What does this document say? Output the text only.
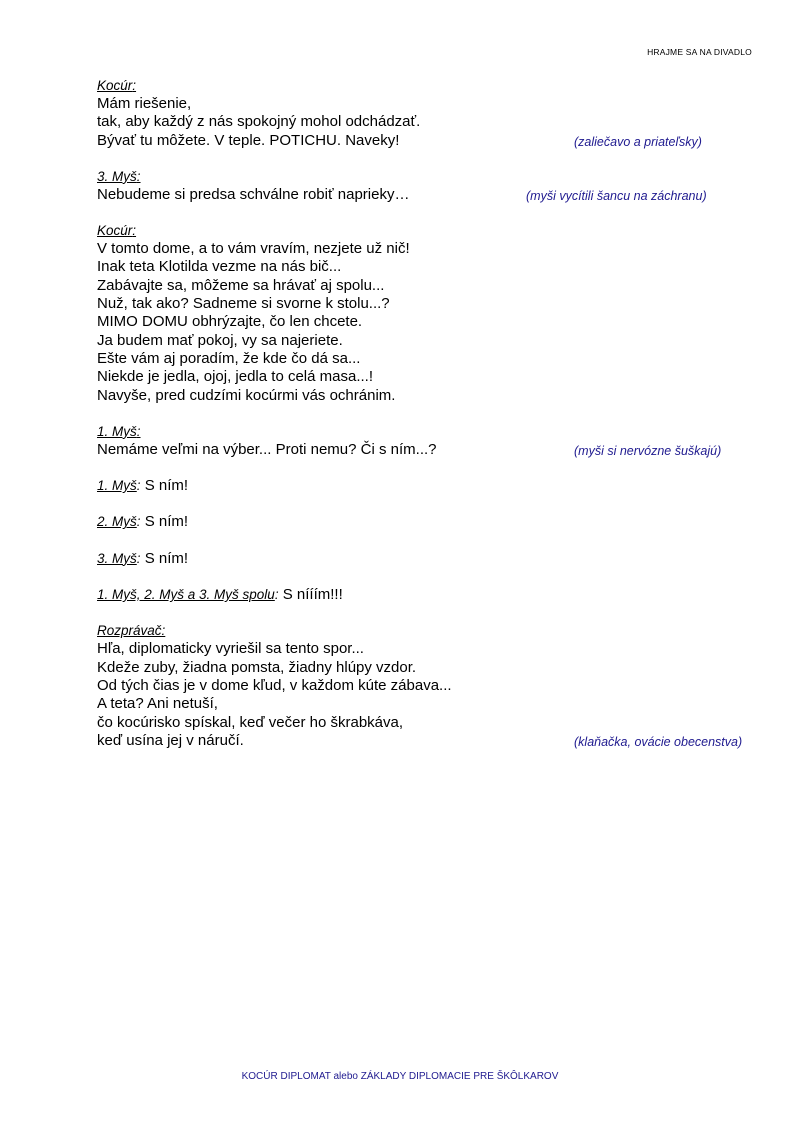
HRAJME SA NA DIVADLO
Kocúr:
Mám riešenie,
tak, aby každý z nás spokojný mohol odchádzať.
Bývať tu môžete. V teple. POTICHU. Naveky!	(zaliečavo a priateľsky)
3. Myš:
Nebudeme si predsa schválne robiť naprieky…	(myši vycítili šancu na záchranu)
Kocúr:
V tomto dome, a to vám vravím, nezjete už nič!
Inak teta Klotilda vezme na nás bič...
Zabávajte sa, môžeme sa hrávať aj spolu...
Nuž, tak ako? Sadneme si svorne k stolu...?
MIMO DOMU obhrýzajte, čo len chcete.
Ja budem mať pokoj, vy sa najeriete.
Ešte vám aj poradím, že kde čo dá sa...
Niekde je jedla, ojoj, jedla to celá masa...!
Navyše, pred cudzími kocúrmi vás ochránim.
1. Myš:
Nemáme veľmi na výber... Proti nemu? Či s ním...?	(myši si nervózne šuškajú)
1. Myš: S ním!
2. Myš: S ním!
3. Myš: S ním!
1. Myš, 2. Myš a 3. Myš spolu: S nííím!!!
Rozprávač:
Hľa, diplomaticky vyriešil sa tento spor...
Kdeže zuby, žiadna pomsta, žiadny hlúpy vzdor.
Od tých čias je v dome kľud, v každom kúte zábava...
A teta? Ani netuší,
čo kocúrisko spískal, keď večer ho škrabkáva,
keď usína jej v náručí.	(klaňačka, ovácie obecenstva)
KOCÚR DIPLOMAT alebo ZÁKLADY DIPLOMACIE PRE ŠKÔLKAROV
